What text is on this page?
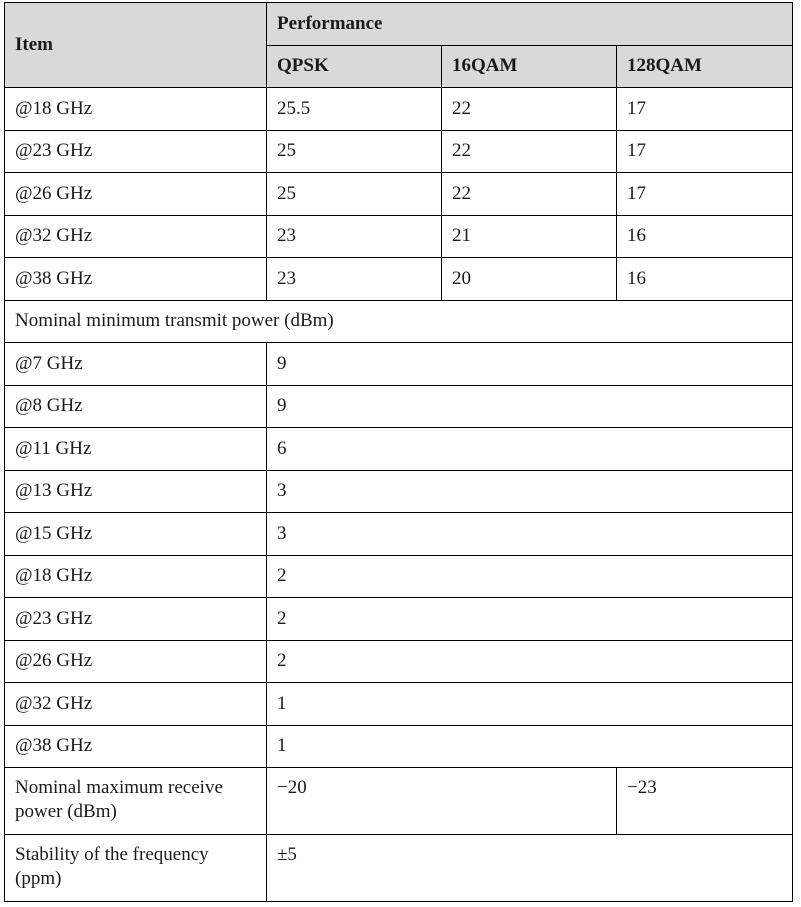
Item	Performance		
	QPSK	16QAM	128QAM
@18 GHz	25.5	22	17
@23 GHz	25	22	17
@26 GHz	25	22	17
@32 GHz	23	21	16
@38 GHz	23	20	16
Nominal minimum transmit power (dBm)			
@7 GHz	9		
@8 GHz	9		
@11 GHz	6		
@13 GHz	3		
@15 GHz	3		
@18 GHz	2		
@23 GHz	2		
@26 GHz	2		
@32 GHz	1		
@38 GHz	1		
Nominal maximum receive power (dBm)	−20		−23
Stability of the frequency (ppm)	±5		
